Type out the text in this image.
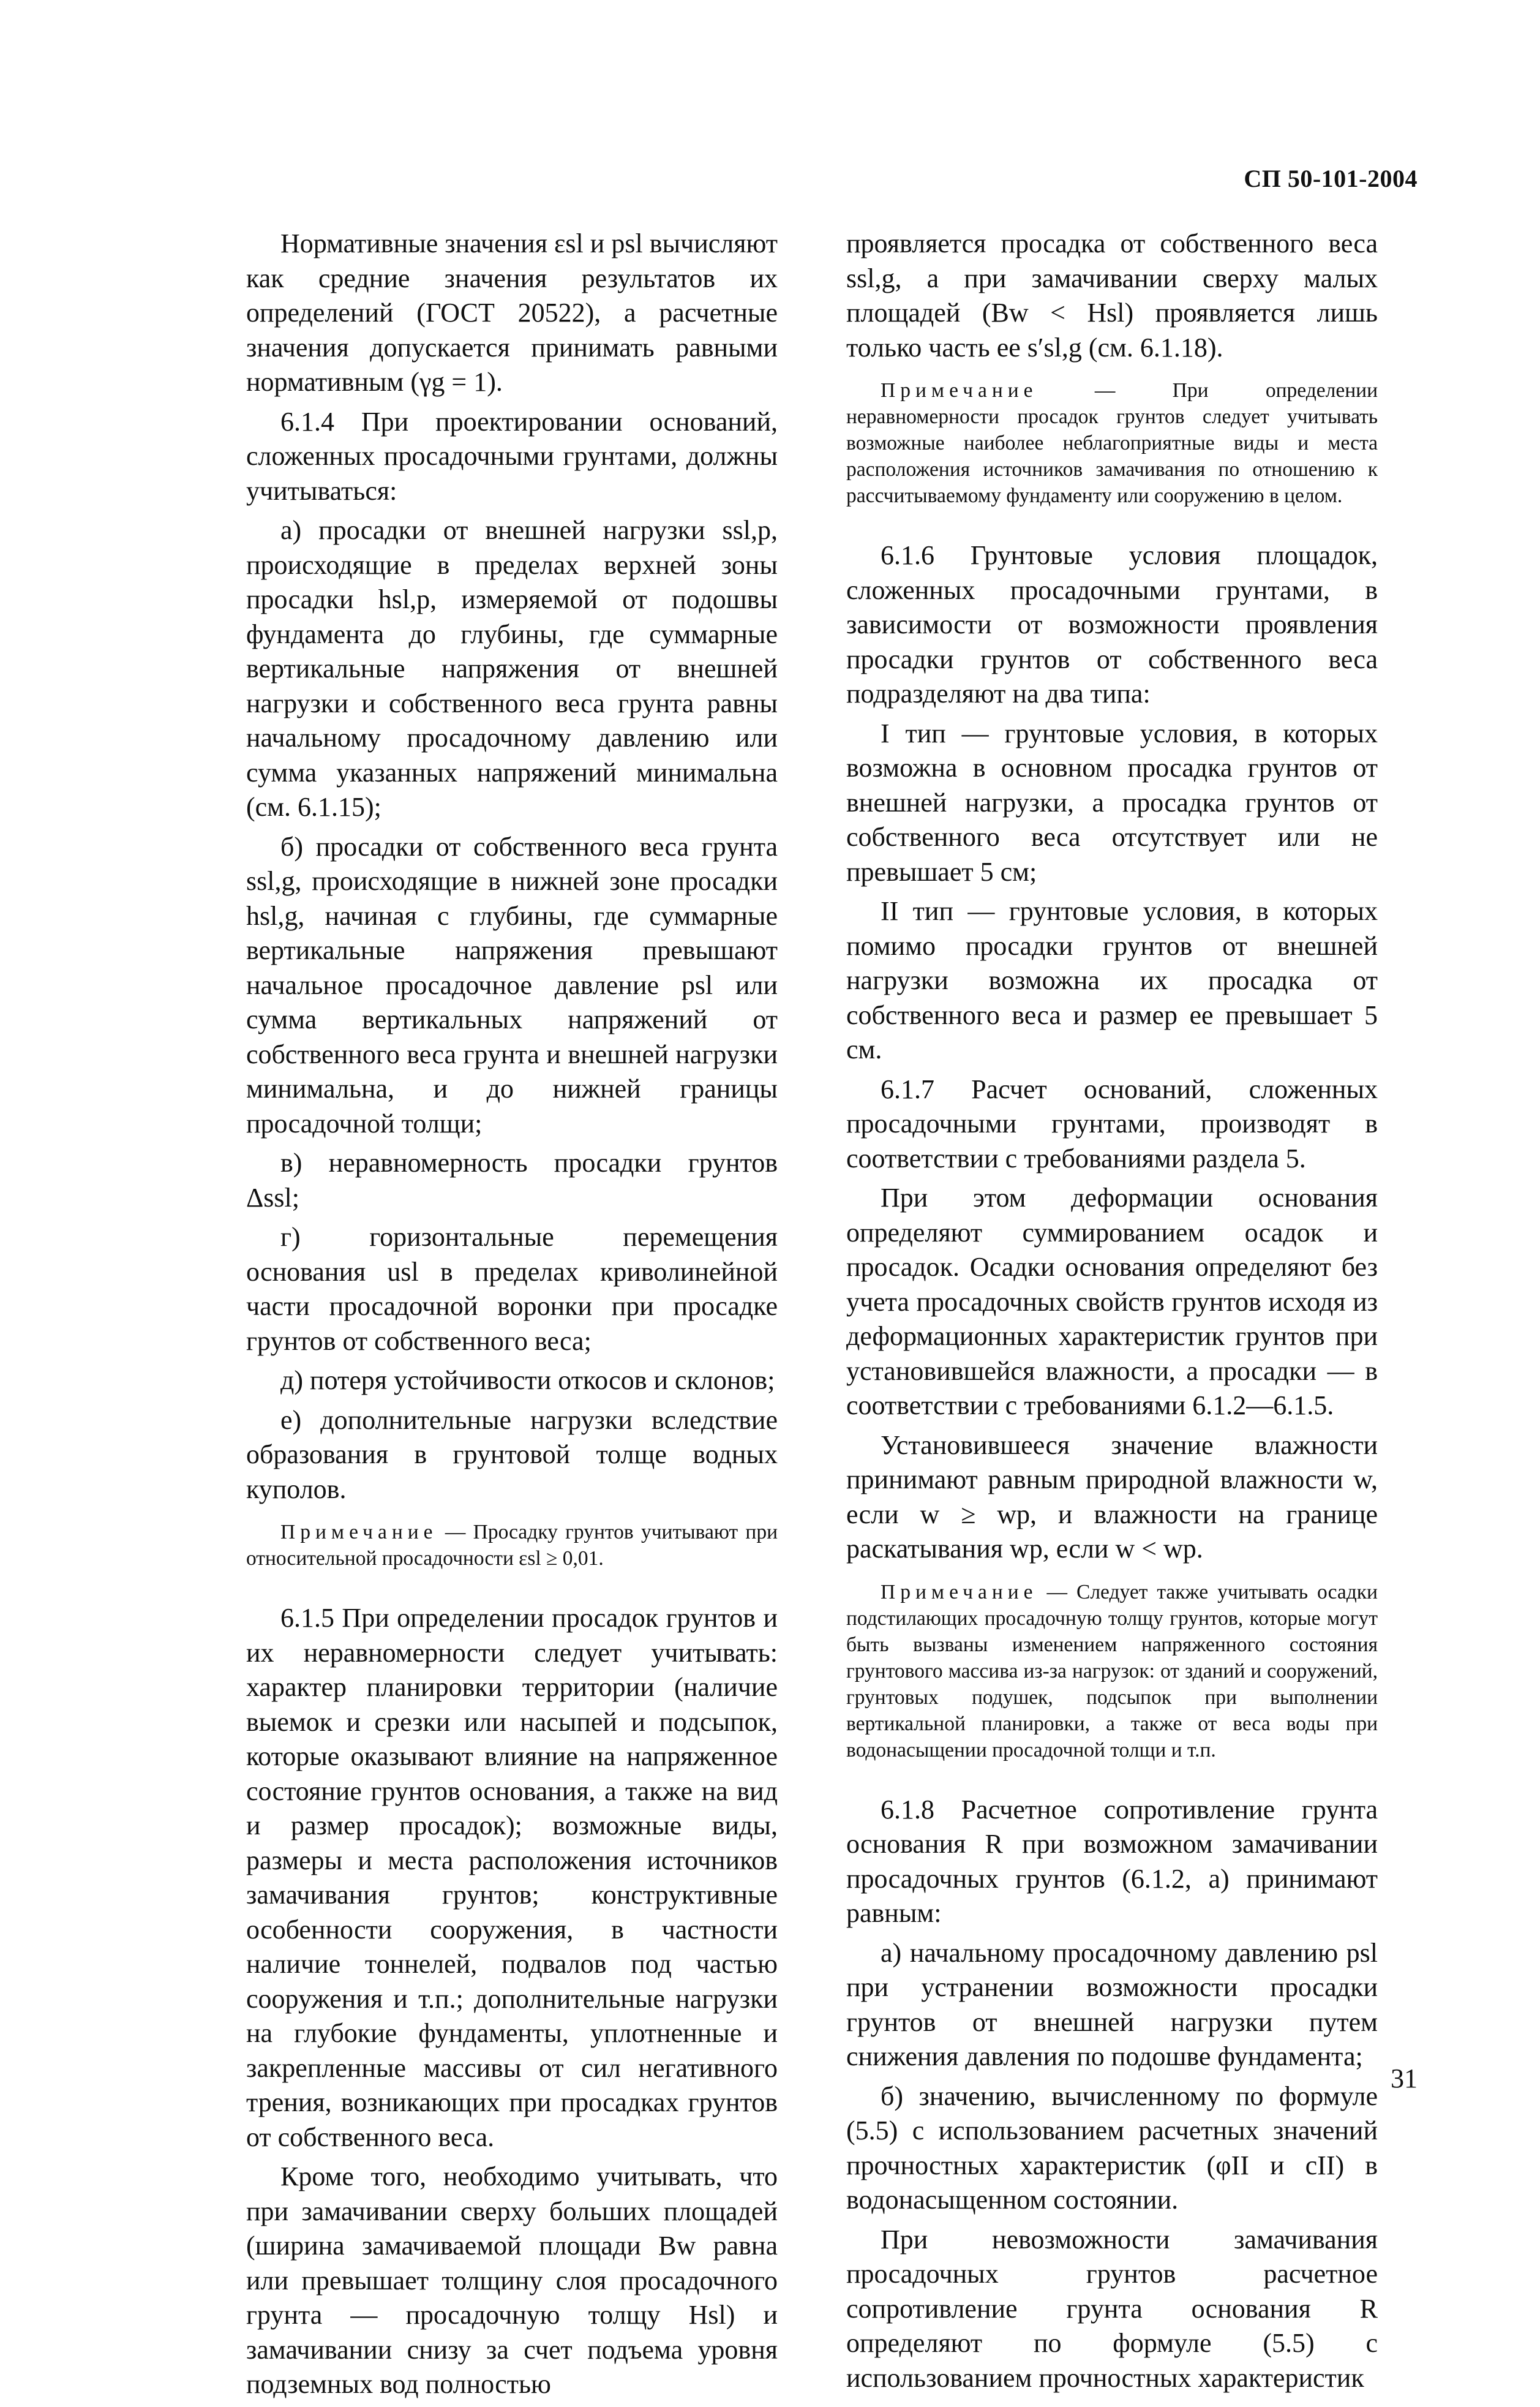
СП 50-101-2004

Нормативные значения εsl и psl вычисляют как средние значения результатов их определений (ГОСТ 20522), а расчетные значения допускается принимать равными нормативным (γg = 1).

6.1.4 При проектировании оснований, сложенных просадочными грунтами, должны учитываться:

а) просадки от внешней нагрузки ssl,p, происходящие в пределах верхней зоны просадки hsl,p, измеряемой от подошвы фундамента до глубины, где суммарные вертикальные напряжения от внешней нагрузки и собственного веса грунта равны начальному просадочному давлению или сумма указанных напряжений минимальна (см. 6.1.15);

б) просадки от собственного веса грунта ssl,g, происходящие в нижней зоне просадки hsl,g, начиная с глубины, где суммарные вертикальные напряжения превышают начальное просадочное давление psl или сумма вертикальных напряжений от собственного веса грунта и внешней нагрузки минимальна, и до нижней границы просадочной толщи;

в) неравномерность просадки грунтов Δssl;

г) горизонтальные перемещения основания usl в пределах криволинейной части просадочной воронки при просадке грунтов от собственного веса;

д) потеря устойчивости откосов и склонов;

е) дополнительные нагрузки вследствие образования в грунтовой толще водных куполов.

Примечание — Просадку грунтов учитывают при относительной просадочности εsl ≥ 0,01.

6.1.5 При определении просадок грунтов и их неравномерности следует учитывать: характер планировки территории (наличие выемок и срезки или насыпей и подсыпок, которые оказывают влияние на напряженное состояние грунтов основания, а также на вид и размер просадок); возможные виды, размеры и места расположения источников замачивания грунтов; конструктивные особенности сооружения, в частности наличие тоннелей, подвалов под частью сооружения и т.п.; дополнительные нагрузки на глубокие фундаменты, уплотненные и закрепленные массивы от сил негативного трения, возникающих при просадках грунтов от собственного веса.

Кроме того, необходимо учитывать, что при замачивании сверху больших площадей (ширина замачиваемой площади Bw равна или превышает толщину слоя просадочного грунта — просадочную толщу Hsl) и замачивании снизу за счет подъема уровня подземных вод полностью

проявляется просадка от собственного веса ssl,g, а при замачивании сверху малых площадей (Bw < Hsl) проявляется лишь только часть ее s′sl,g (см. 6.1.18).

Примечание — При определении неравномерности просадок грунтов следует учитывать возможные наиболее неблагоприятные виды и места расположения источников замачивания по отношению к рассчитываемому фундаменту или сооружению в целом.

6.1.6 Грунтовые условия площадок, сложенных просадочными грунтами, в зависимости от возможности проявления просадки грунтов от собственного веса подразделяют на два типа:

I тип — грунтовые условия, в которых возможна в основном просадка грунтов от внешней нагрузки, а просадка грунтов от собственного веса отсутствует или не превышает 5 см;

II тип — грунтовые условия, в которых помимо просадки грунтов от внешней нагрузки возможна их просадка от собственного веса и размер ее превышает 5 см.

6.1.7 Расчет оснований, сложенных просадочными грунтами, производят в соответствии с требованиями раздела 5.

При этом деформации основания определяют суммированием осадок и просадок. Осадки основания определяют без учета просадочных свойств грунтов исходя из деформационных характеристик грунтов при установившейся влажности, а просадки — в соответствии с требованиями 6.1.2—6.1.5.

Установившееся значение влажности принимают равным природной влажности w, если w ≥ wp, и влажности на границе раскатывания wp, если w < wp.

Примечание — Следует также учитывать осадки подстилающих просадочную толщу грунтов, которые могут быть вызваны изменением напряженного состояния грунтового массива из-за нагрузок: от зданий и сооружений, грунтовых подушек, подсыпок при выполнении вертикальной планировки, а также от веса воды при водонасыщении просадочной толщи и т.п.

6.1.8 Расчетное сопротивление грунта основания R при возможном замачивании просадочных грунтов (6.1.2, а) принимают равным:

а) начальному просадочному давлению psl при устранении возможности просадки грунтов от внешней нагрузки путем снижения давления по подошве фундамента;

б) значению, вычисленному по формуле (5.5) с использованием расчетных значений прочностных характеристик (φII и cII) в водонасыщенном состоянии.

При невозможности замачивания просадочных грунтов расчетное сопротивление грунта основания R определяют по формуле (5.5) с использованием прочностных характеристик

31
